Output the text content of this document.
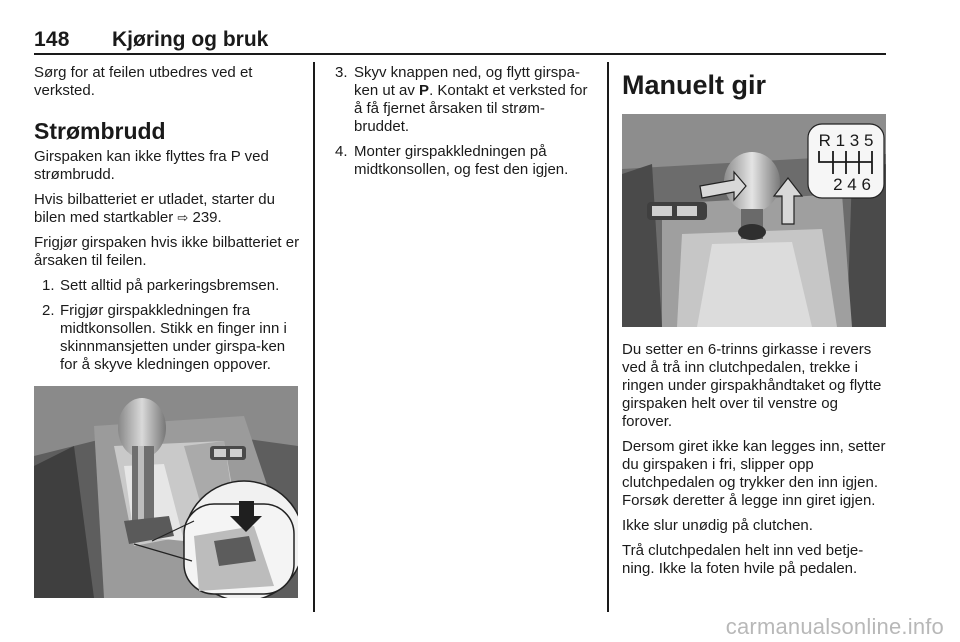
148 Kjøring og bruk

Sørg for at feilen utbedres ved et verksted.

Strømbrudd

Girspaken kan ikke flyttes fra P ved strømbrudd.

Hvis bilbatteriet er utladet, starter du bilen med startkabler ⇨ 239.

Frigjør girspaken hvis ikke bilbatteriet er årsaken til feilen.

1. Sett alltid på parkeringsbremsen.
2. Frigjør girspakkledningen fra midtkonsollen. Stikk en finger inn i skinnmansjetten under girspa-ken for å skyve kledningen oppover.
3. Skyv knappen ned, og flytt girspa-ken ut av P. Kontakt et verksted for å få fjernet årsaken til strøm-bruddet.
4. Monter girspakkledningen på midtkonsollen, og fest den igjen.
Manuelt gir
R 1 3 5
2 4 6

Du setter en 6-trinns girkasse i revers ved å trå inn clutchpedalen, trekke i ringen under girspakhåndtaket og flytte girspaken helt over til venstre og forover.

Dersom giret ikke kan legges inn, setter du girspaken i fri, slipper opp clutchpedalen og trykker den inn igjen. Forsøk deretter å legge inn giret igjen.

Ikke slur unødig på clutchen.

Trå clutchpedalen helt inn ved betje-ning. Ikke la foten hvile på pedalen.

carmanualsonline.info
